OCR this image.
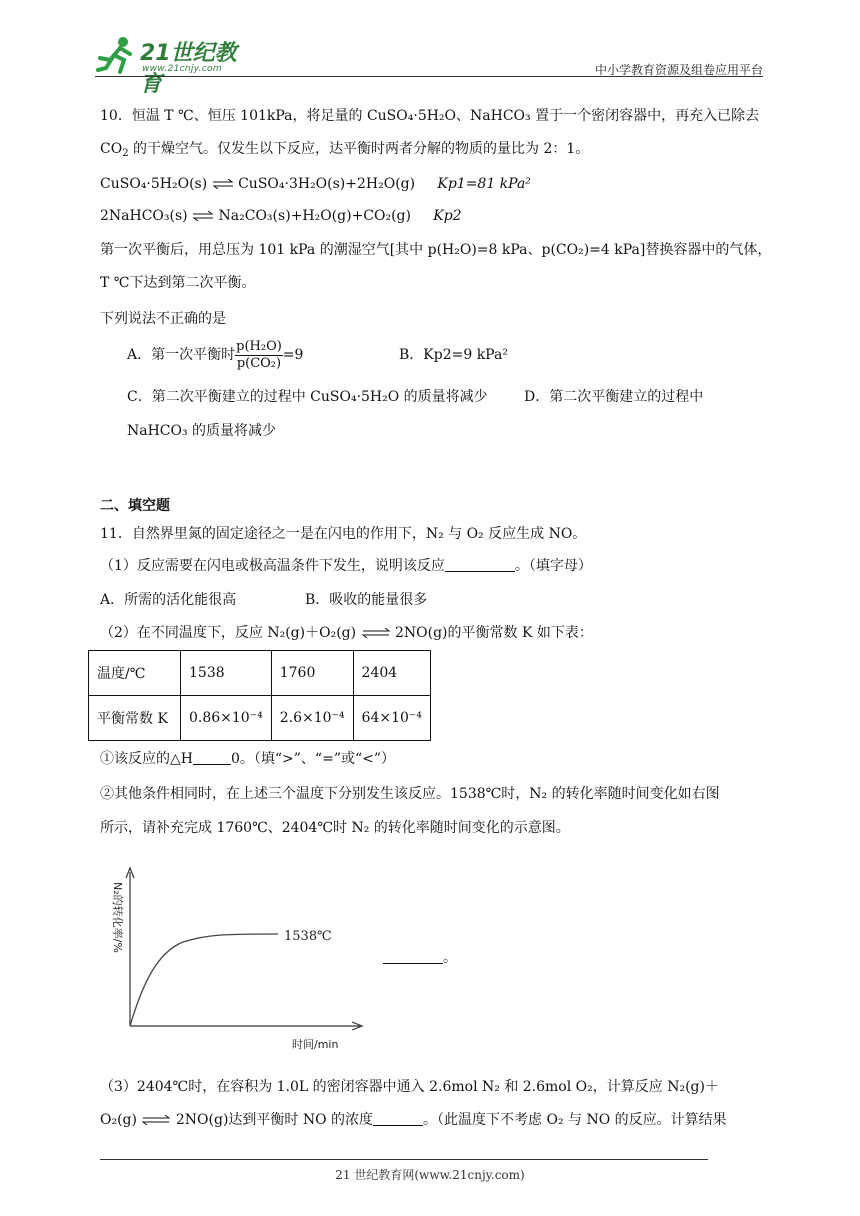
21世纪教育
www.21cnjy.com	中小学教育资源及组卷应用平台
10．恒温 T ℃、恒压 101kPa，将足量的 CuSO₄·5H₂O、NaHCO₃ 置于一个密闭容器中，再充入已除去
$CO_2$ 的干燥空气。仅发生以下反应，达平衡时两者分解的物质的量比为 2：1。
CuSO₄·5H₂O(s) ⇌ CuSO₄·3H₂O(s)+2H₂O(g) Kp1=81 kPa²
2NaHCO₃(s) ⇌ Na₂CO₃(s)+H₂O(g)+CO₂(g) Kp2
第一次平衡后，用总压为 101 kPa 的潮湿空气[其中 p(H₂O)=8 kPa、p(CO₂)=4 kPa]替换容器中的气体，
T ℃下达到第二次平衡。
下列说法不正确的是
A．第一次平衡时 $\frac{\text{p(H₂O)}}{\text{p(CO₂)}} =9$	B．Kp2=9 kPa²
C．第二次平衡建立的过程中 CuSO₄·5H₂O 的质量将减少	D．第二次平衡建立的过程中
NaHCO₃ 的质量将减少
二、填空题
11．自然界里氮的固定途径之一是在闪电的作用下，N₂ 与 O₂ 反应生成 NO。
（1）反应需要在闪电或极高温条件下发生，说明该反应	。（填字母）
A．所需的活化能很高	B．吸收的能量很多
（2）在不同温度下，反应 N₂(g)＋O₂(g) ⇌ 2NO(g)的平衡常数 K 如下表：
温度/℃	1538	1760	2404
平衡常数 K	0.86×10⁻⁴	2.6×10⁻⁴	64×10⁻⁴
①该反应的△H	0。（填“>”、“=”或“<”）
②其他条件相同时，在上述三个温度下分别发生该反应。1538℃时，N₂ 的转化率随时间变化如右图
所示，请补充完成 1760℃、2404℃时 N₂ 的转化率随时间变化的示意图。
N₂的转化率/%
时间/min
1538℃
。
（3）2404℃时，在容积为 1.0L 的密闭容器中通入 2.6mol N₂ 和 2.6mol O₂，计算反应 N₂(g)＋
O₂(g) ⇌ 2NO(g)达到平衡时 NO 的浓度	。（此温度下不考虑 O₂ 与 NO 的反应。计算结果
21 世纪教育网(www.21cnjy.com)
